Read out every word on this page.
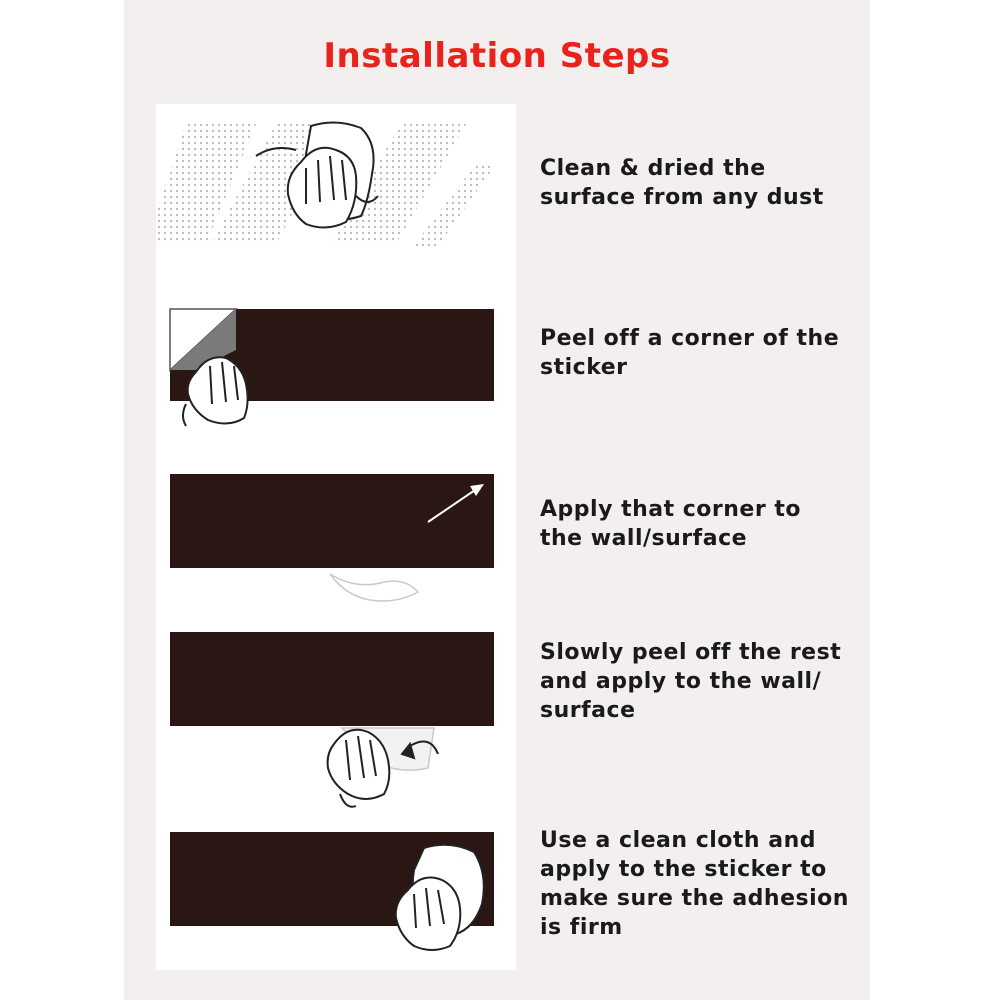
Installation Steps
Clean & dried the
surface from any dust
Peel off a corner of the
sticker
Apply that corner to
the wall/surface
Slowly peel off the rest
and apply to the wall/
surface
Use a clean cloth and
apply to the sticker to
make sure the adhesion
is firm
